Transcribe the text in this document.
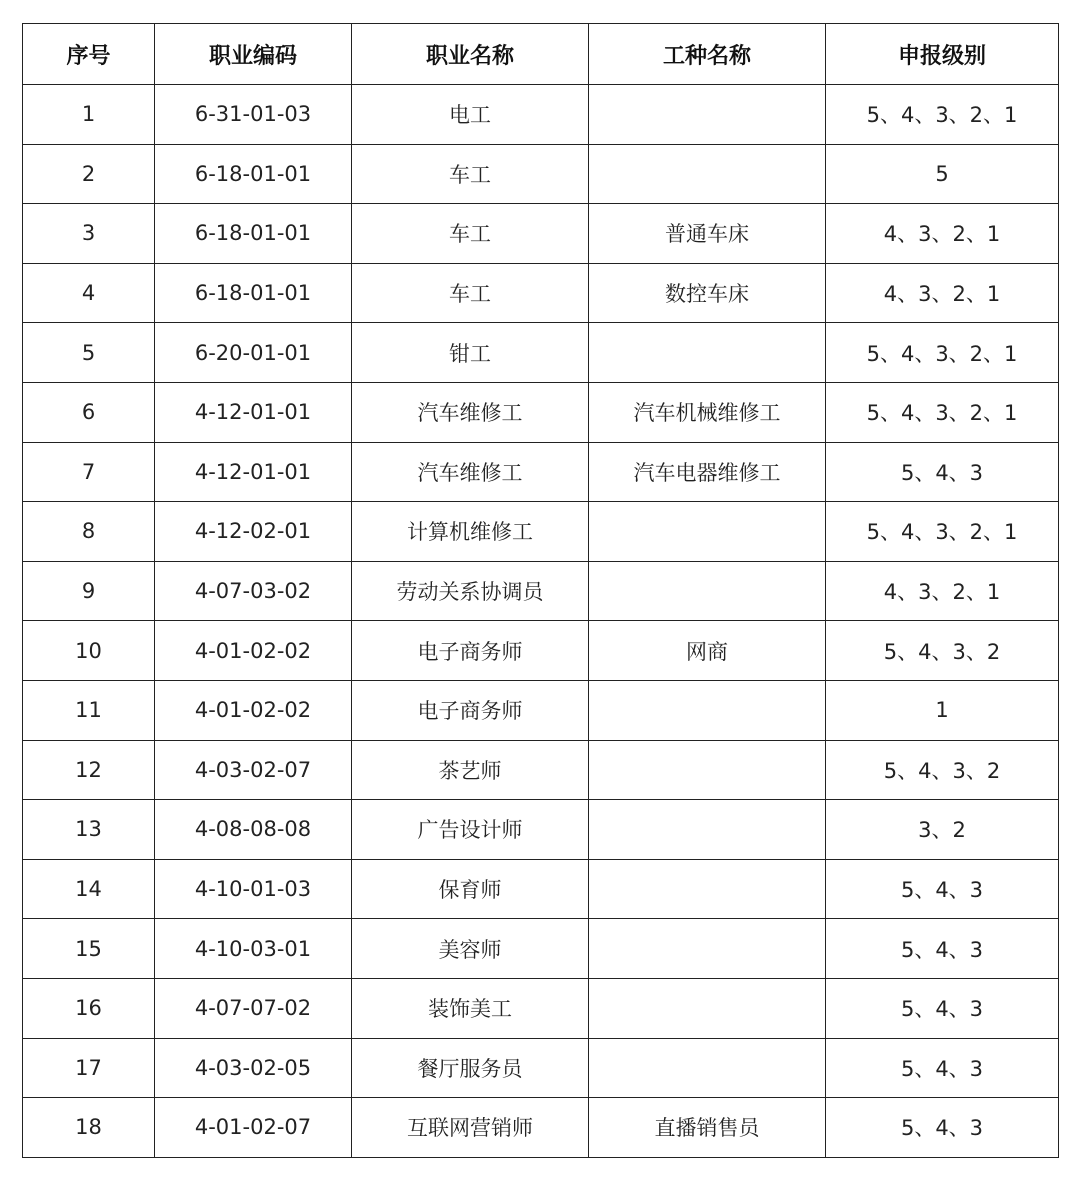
序号	职业编码	职业名称	工种名称	申报级别
1	6-31-01-03	电工		5、4、3、2、1
2	6-18-01-01	车工		5
3	6-18-01-01	车工	普通车床	4、3、2、1
4	6-18-01-01	车工	数控车床	4、3、2、1
5	6-20-01-01	钳工		5、4、3、2、1
6	4-12-01-01	汽车维修工	汽车机械维修工	5、4、3、2、1
7	4-12-01-01	汽车维修工	汽车电器维修工	5、4、3
8	4-12-02-01	计算机维修工		5、4、3、2、1
9	4-07-03-02	劳动关系协调员		4、3、2、1
10	4-01-02-02	电子商务师	网商	5、4、3、2
11	4-01-02-02	电子商务师		1
12	4-03-02-07	茶艺师		5、4、3、2
13	4-08-08-08	广告设计师		3、2
14	4-10-01-03	保育师		5、4、3
15	4-10-03-01	美容师		5、4、3
16	4-07-07-02	装饰美工		5、4、3
17	4-03-02-05	餐厅服务员		5、4、3
18	4-01-02-07	互联网营销师	直播销售员	5、4、3
